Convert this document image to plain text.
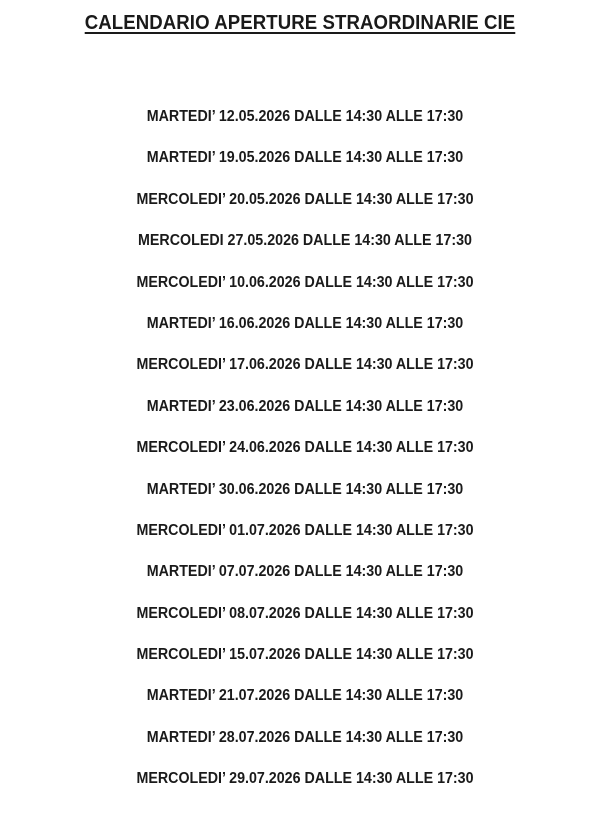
CALENDARIO APERTURE STRAORDINARIE CIE
MARTEDI’ 12.05.2026 DALLE 14:30 ALLE 17:30
MARTEDI’ 19.05.2026 DALLE 14:30 ALLE 17:30
MERCOLEDI’ 20.05.2026 DALLE 14:30 ALLE 17:30
MERCOLEDI 27.05.2026 DALLE 14:30 ALLE 17:30
MERCOLEDI’ 10.06.2026 DALLE 14:30 ALLE 17:30
MARTEDI’ 16.06.2026 DALLE 14:30 ALLE 17:30
MERCOLEDI’ 17.06.2026 DALLE 14:30 ALLE 17:30
MARTEDI’ 23.06.2026 DALLE 14:30 ALLE 17:30
MERCOLEDI’ 24.06.2026 DALLE 14:30 ALLE 17:30
MARTEDI’ 30.06.2026 DALLE 14:30 ALLE 17:30
MERCOLEDI’ 01.07.2026 DALLE 14:30 ALLE 17:30
MARTEDI’ 07.07.2026 DALLE 14:30 ALLE 17:30
MERCOLEDI’ 08.07.2026 DALLE 14:30 ALLE 17:30
MERCOLEDI’ 15.07.2026 DALLE 14:30 ALLE 17:30
MARTEDI’ 21.07.2026 DALLE 14:30 ALLE 17:30
MARTEDI’ 28.07.2026 DALLE 14:30 ALLE 17:30
MERCOLEDI’ 29.07.2026 DALLE 14:30 ALLE 17:30
